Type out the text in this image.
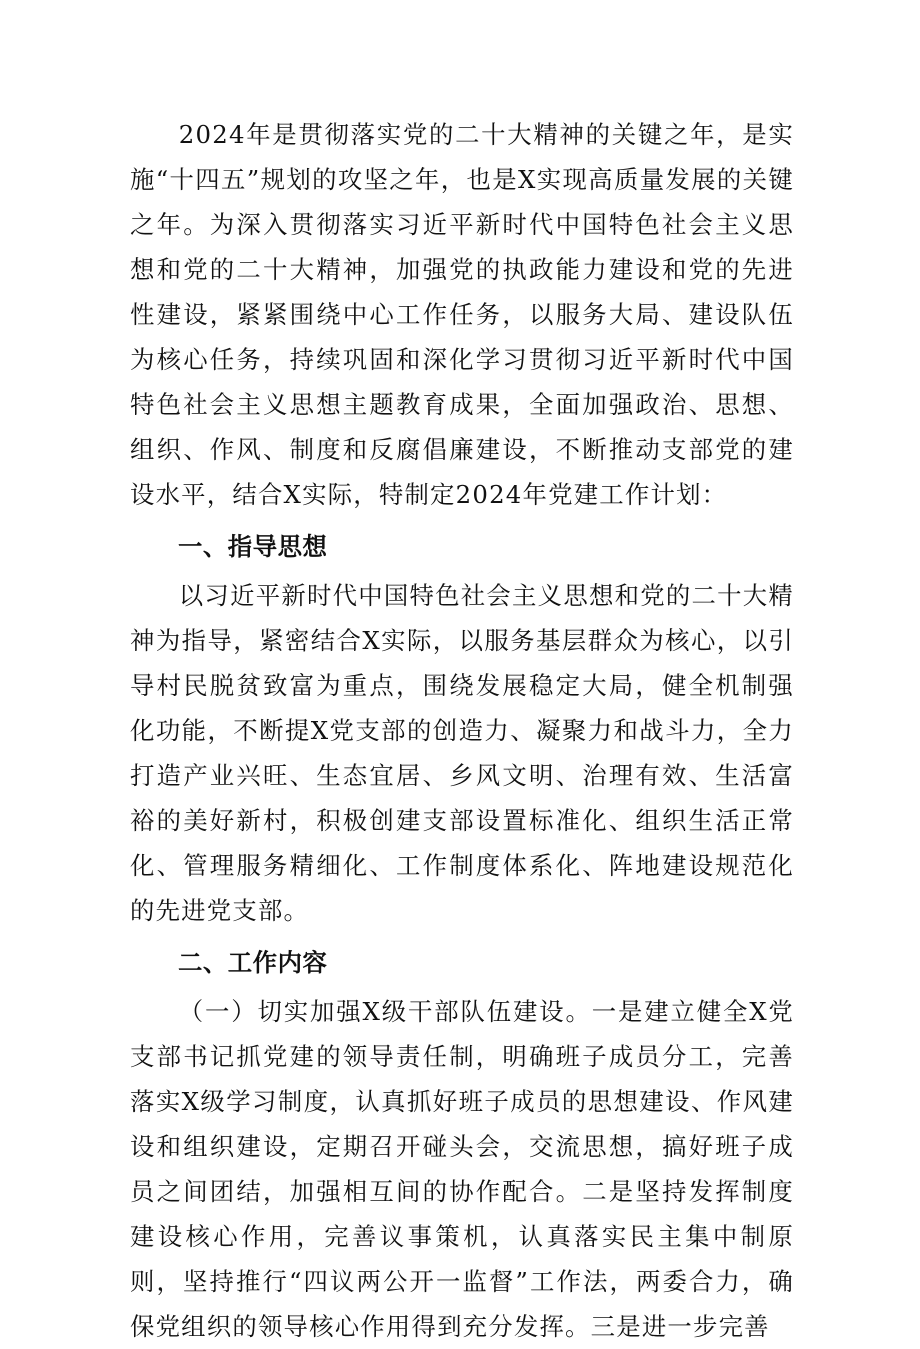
2024年是贯彻落实党的二十大精神的关键之年，是实施“十四五”规划的攻坚之年，也是X实现高质量发展的关键之年。为深入贯彻落实习近平新时代中国特色社会主义思想和党的二十大精神，加强党的执政能力建设和党的先进性建设，紧紧围绕中心工作任务，以服务大局、建设队伍为核心任务，持续巩固和深化学习贯彻习近平新时代中国特色社会主义思想主题教育成果，全面加强政治、思想、组织、作风、制度和反腐倡廉建设，不断推动支部党的建设水平，结合X实际，特制定2024年党建工作计划：

一、指导思想

以习近平新时代中国特色社会主义思想和党的二十大精神为指导，紧密结合X实际，以服务基层群众为核心，以引导村民脱贫致富为重点，围绕发展稳定大局，健全机制强化功能，不断提X党支部的创造力、凝聚力和战斗力，全力打造产业兴旺、生态宜居、乡风文明、治理有效、生活富裕的美好新村，积极创建支部设置标准化、组织生活正常化、管理服务精细化、工作制度体系化、阵地建设规范化的先进党支部。

二、工作内容

（一）切实加强X级干部队伍建设。一是建立健全X党支部书记抓党建的领导责任制，明确班子成员分工，完善落实X级学习制度，认真抓好班子成员的思想建设、作风建设和组织建设，定期召开碰头会，交流思想，搞好班子成员之间团结，加强相互间的协作配合。二是坚持发挥制度建设核心作用，完善议事策机，认真落实民主集中制原则，坚持推行“四议两公开一监督”工作法，两委合力，确保党组织的领导核心作用得到充分发挥。三是进一步完善
